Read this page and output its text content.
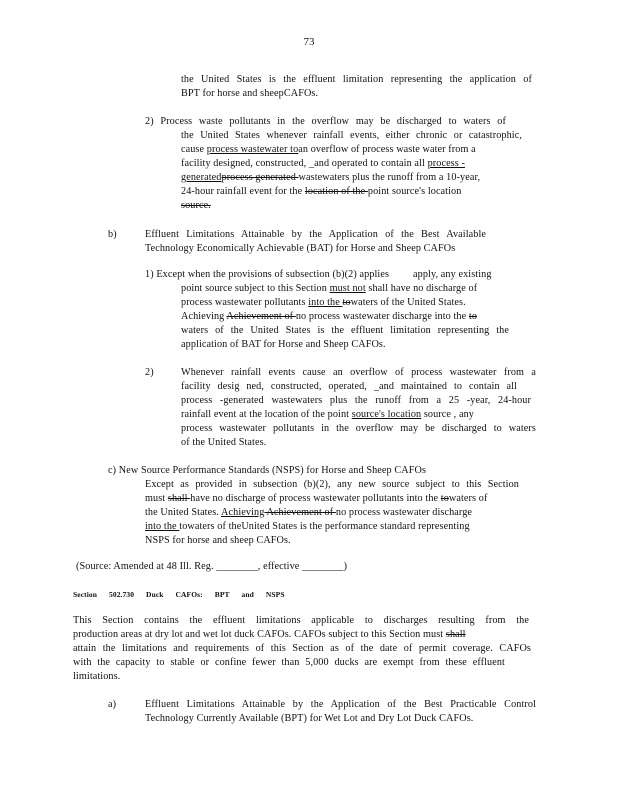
73
the United States is the effluent limitation representing the application of
BPT for horse and sheepCAFOs.
2) Process waste pollutants in the overflow may be discharged to waters of
the United States whenever rainfall events, either chronic or catastrophic,
cause process wastewater toan overflow of process waste water from a
facility designed, constructed, _and operated to contain all process -
generatedprocess generated wastewaters plus the runoff from a 10-year,
24-hour rainfall event for the location of the point source's location
source.
b)	Effluent Limitations Attainable by the Application of the Best Available
Technology Economically Achievable (BAT) for Horse and Sheep CAFOs
1) Except when the provisions of subsection (b)(2) applies apply, any existing
point source subject to this Section must not shall have no discharge of
process wastewater pollutants into the towaters of the United States.
Achieving Achievement of no process wastewater discharge into the to
waters of the United States is the effluent limitation representing the
application of BAT for Horse and Sheep CAFOs.
2)	Whenever rainfall events cause an overflow of process wastewater from a
facility desig ned, constructed, operated, _and maintained to contain all
process -generated wastewaters plus the runoff from a 25 -year, 24-hour
rainfall event at the location of the point source's location source , any
process wastewater pollutants in the overflow may be discharged to waters
of the United States.
c) New Source Performance Standards (NSPS) for Horse and Sheep CAFOs
Except as provided in subsection (b)(2), any new source subject to this Section
must shall have no discharge of process wastewater pollutants into the towaters of
the United States. Achieving Achievement of no process wastewater discharge
into the towaters of theUnited States is the performance standard representing
NSPS for horse and sheep CAFOs.
(Source: Amended at 48 Ill. Reg. ________, effective ________)
Section 502.730 Duck CAFOs: BPT and NSPS
This Section contains the effluent limitations applicable to discharges resulting from the
production areas at dry lot and wet lot duck CAFOs. CAFOs subject to this Section must shall
attain the limitations and requirements of this Section as of the date of permit coverage. CAFOs
with the capacity to stable or confine fewer than 5,000 ducks are exempt from these effluent
limitations.
a)	Effluent Limitations Attainable by the Application of the Best Practicable Control
Technology Currently Available (BPT) for Wet Lot and Dry Lot Duck CAFOs.
